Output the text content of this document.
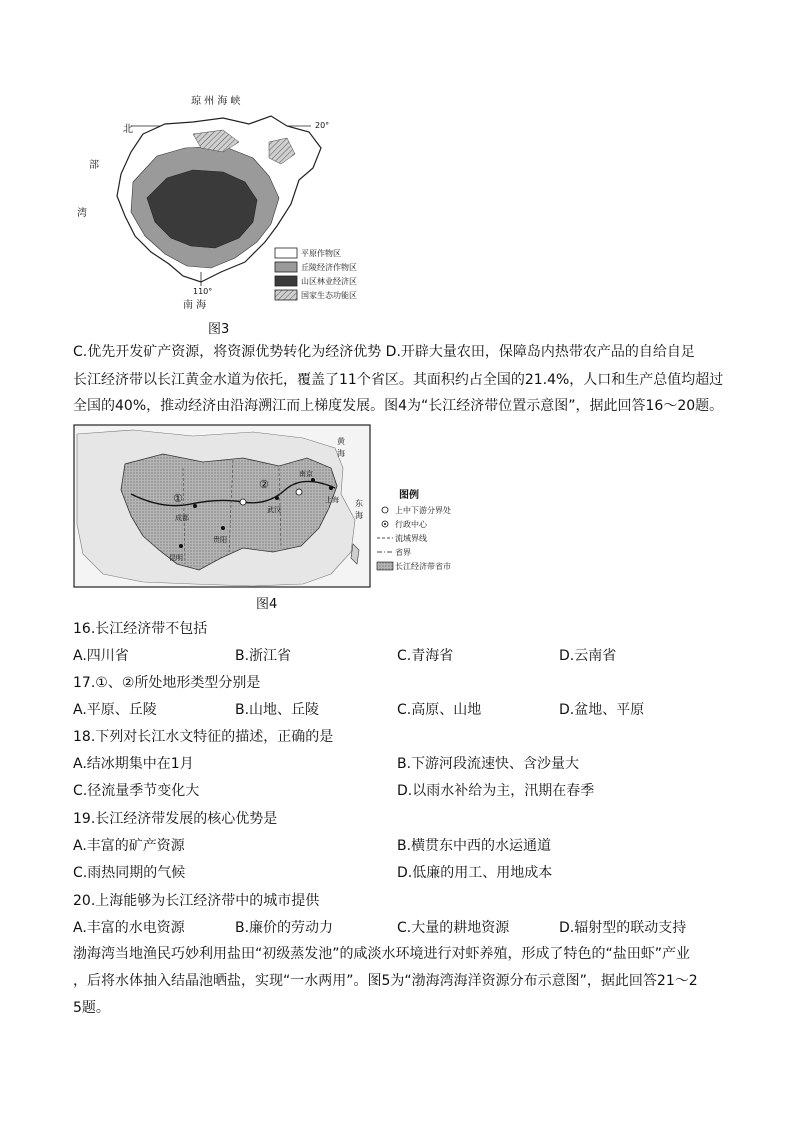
琼 州 海 峡
20°
北
部
湾
110°
南 海
平原作物区
丘陵经济作物区
山区林业经济区
国家生态功能区
图3
C.优先开发矿产资源，将资源优势转化为经济优势 D.开辟大量农田，保障岛内热带农产品的自给自足
长江经济带以长江黄金水道为依托，覆盖了11个省区。其面积约占全国的21.4%，人口和生产总值均超过
全国的40%，推动经济由沿海溯江而上梯度发展。图4为“长江经济带位置示意图”，据此回答16～20题。
黄
海
东
海
①
②
成都
武汉
南京
上海
贵阳
昆明
图例
上中下游分界处
行政中心
流域界线
省界
长江经济带省市
图4
16.长江经济带不包括
A.四川省	B.浙江省	C.青海省	D.云南省
17.①、②所处地形类型分别是
A.平原、丘陵	B.山地、丘陵	C.高原、山地	D.盆地、平原
18.下列对长江水文特征的描述，正确的是
A.结冰期集中在1月	B.下游河段流速快、含沙量大
C.径流量季节变化大	D.以雨水补给为主，汛期在春季
19.长江经济带发展的核心优势是
A.丰富的矿产资源	B.横贯东中西的水运通道
C.雨热同期的气候	D.低廉的用工、用地成本
20.上海能够为长江经济带中的城市提供
A.丰富的水电资源	B.廉价的劳动力	C.大量的耕地资源	D.辐射型的联动支持
渤海湾当地渔民巧妙利用盐田“初级蒸发池”的咸淡水环境进行对虾养殖，形成了特色的“盐田虾”产业
，后将水体抽入结晶池晒盐，实现“一水两用”。图5为“渤海湾海洋资源分布示意图”，据此回答21～2
5题。
